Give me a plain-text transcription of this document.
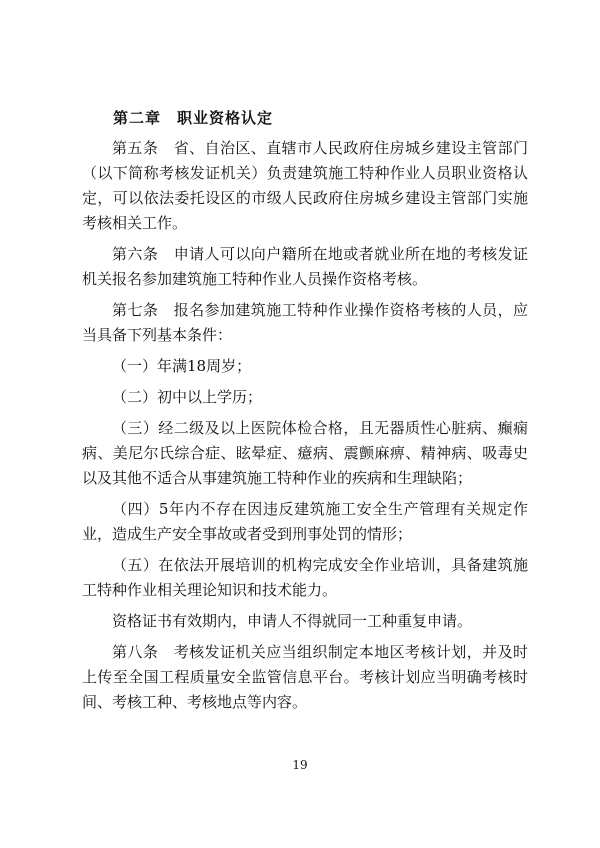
第二章　职业资格认定

第五条　省、自治区、直辖市人民政府住房城乡建设主管部门（以下简称考核发证机关）负责建筑施工特种作业人员职业资格认定，可以依法委托设区的市级人民政府住房城乡建设主管部门实施考核相关工作。

第六条　申请人可以向户籍所在地或者就业所在地的考核发证机关报名参加建筑施工特种作业人员操作资格考核。

第七条　报名参加建筑施工特种作业操作资格考核的人员，应当具备下列基本条件：

（一）年满18周岁；

（二）初中以上学历；

（三）经二级及以上医院体检合格，且无器质性心脏病、癫痫病、美尼尔氏综合症、眩晕症、癔病、震颤麻痹、精神病、吸毒史以及其他不适合从事建筑施工特种作业的疾病和生理缺陷；

（四）5年内不存在因违反建筑施工安全生产管理有关规定作业，造成生产安全事故或者受到刑事处罚的情形；

（五）在依法开展培训的机构完成安全作业培训，具备建筑施工特种作业相关理论知识和技术能力。

资格证书有效期内，申请人不得就同一工种重复申请。

第八条　考核发证机关应当组织制定本地区考核计划，并及时上传至全国工程质量安全监管信息平台。考核计划应当明确考核时间、考核工种、考核地点等内容。

19
